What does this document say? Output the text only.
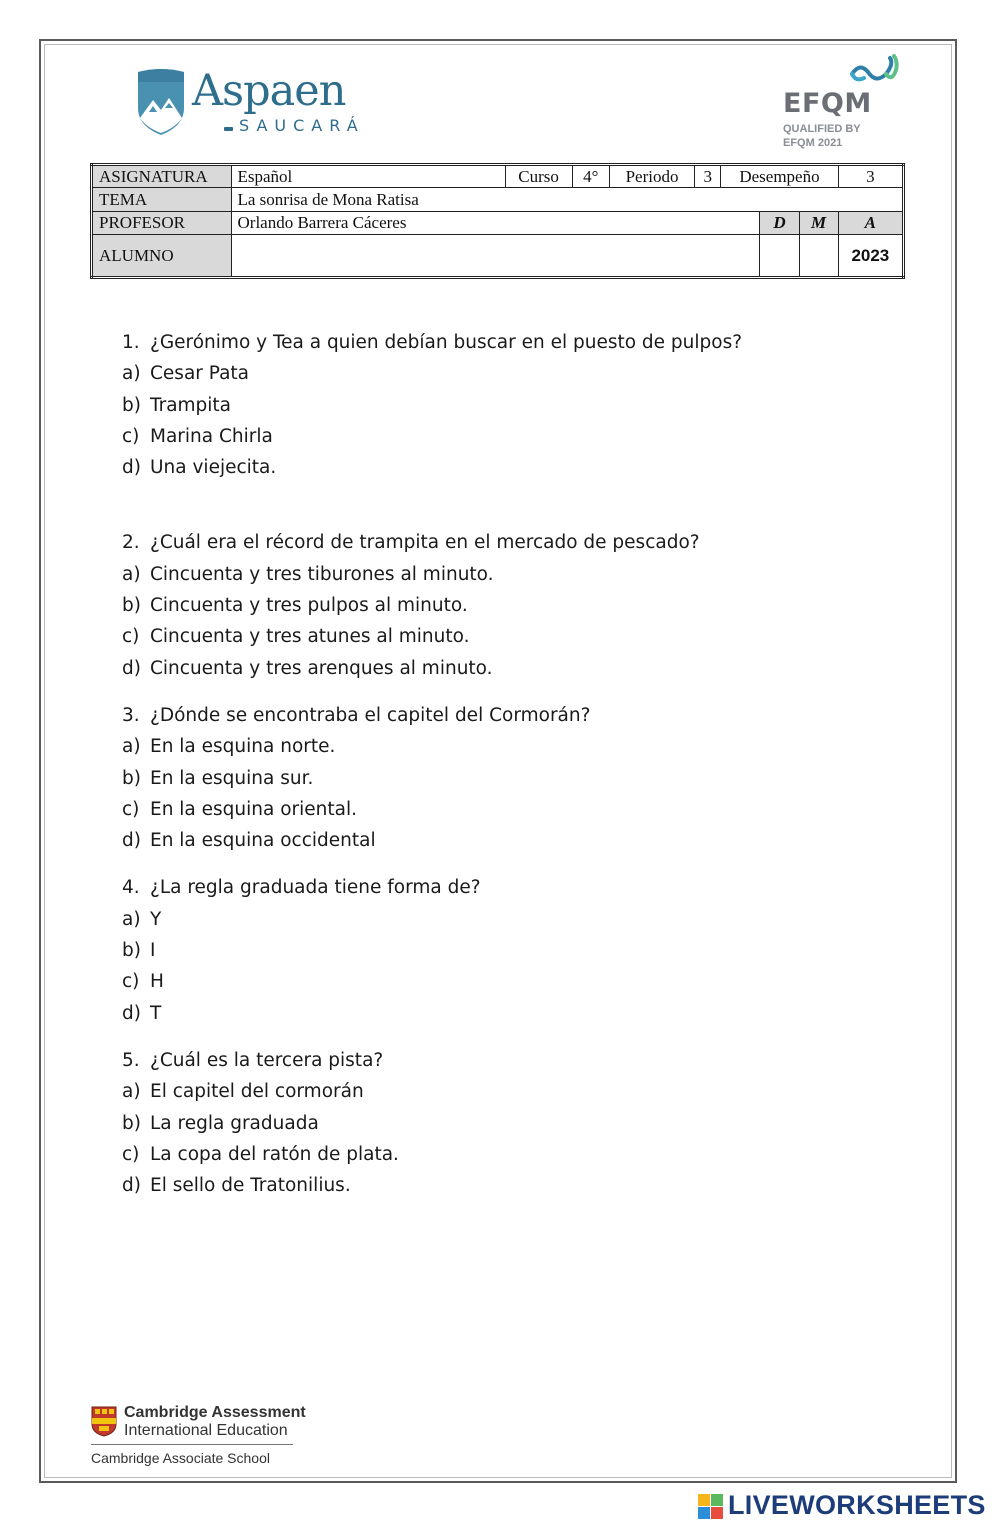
Aspaen
SAUCARÁ
EFQM
QUALIFIED BY
EFQM 2021
ASIGNATURA	Español	Curso	4°	Periodo	3	Desempeño			3
TEMA	La sonrisa de Mona Ratisa								
PROFESOR	Orlando Barrera Cáceres						D	M	A
ALUMNO									2023
1. ¿Gerónimo y Tea a quien debían buscar en el puesto de pulpos?
a) Cesar Pata
b) Trampita
c) Marina Chirla
d) Una viejecita.
2. ¿Cuál era el récord de trampita en el mercado de pescado?
a) Cincuenta y tres tiburones al minuto.
b) Cincuenta y tres pulpos al minuto.
c) Cincuenta y tres atunes al minuto.
d) Cincuenta y tres arenques al minuto.
3. ¿Dónde se encontraba el capitel del Cormorán?
a) En la esquina norte.
b) En la esquina sur.
c) En la esquina oriental.
d) En la esquina occidental
4. ¿La regla graduada tiene forma de?
a) Y
b) I
c) H
d) T
5. ¿Cuál es la tercera pista?
a) El capitel del cormorán
b) La regla graduada
c) La copa del ratón de plata.
d) El sello de Tratonilius.
Cambridge Assessment
International Education
Cambridge Associate School
LIVEWORKSHEETS
